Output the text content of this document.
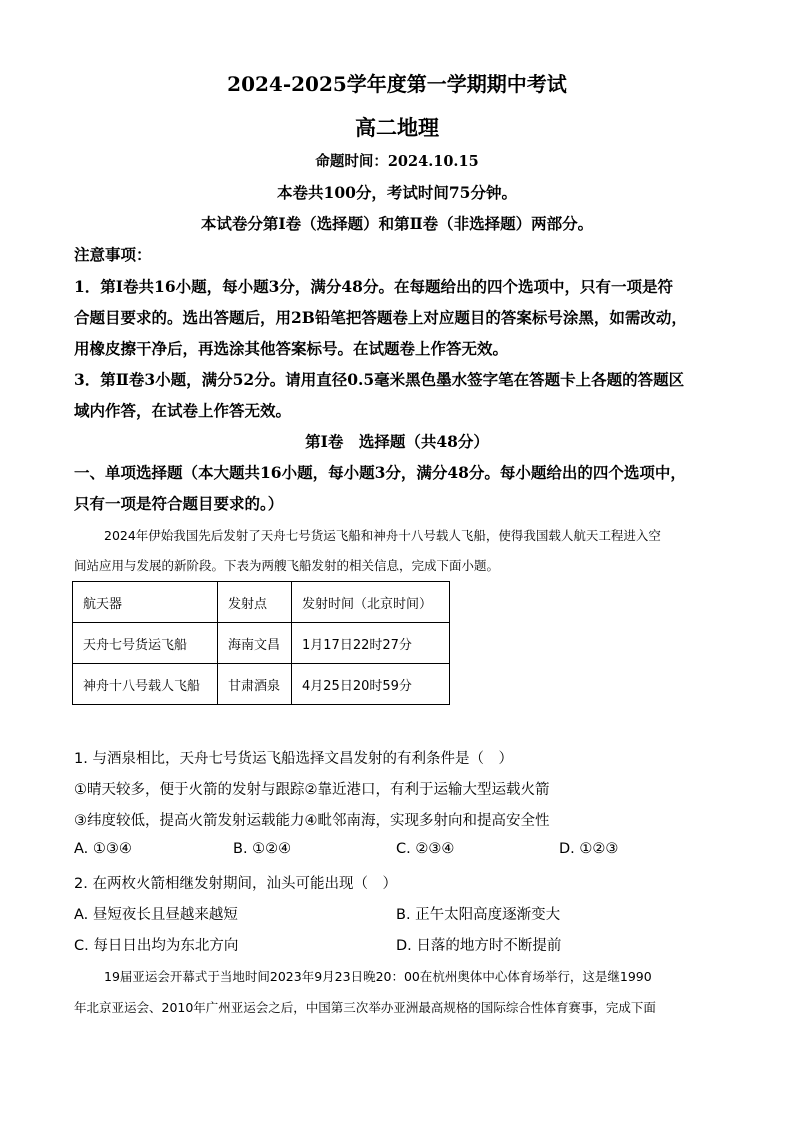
2024-2025学年度第一学期期中考试
高二地理
命题时间：2024.10.15
本卷共100分，考试时间75分钟。
本试卷分第Ⅰ卷（选择题）和第Ⅱ卷（非选择题）两部分。
注意事项：
1．第Ⅰ卷共16小题，每小题3分，满分48分。在每题给出的四个选项中，只有一项是符
合题目要求的。选出答题后，用2B铅笔把答题卷上对应题目的答案标号涂黑，如需改动，
用橡皮擦干净后，再选涂其他答案标号。在试题卷上作答无效。
3．第Ⅱ卷3小题，满分52分。请用直径0.5毫米黑色墨水签字笔在答题卡上各题的答题区
域内作答，在试卷上作答无效。
第Ⅰ卷　选择题（共48分）
一、单项选择题（本大题共16小题，每小题3分，满分48分。每小题给出的四个选项中，
只有一项是符合题目要求的。）
2024年伊始我国先后发射了天舟七号货运飞船和神舟十八号载人飞船，使得我国载人航天工程进入空
间站应用与发展的新阶段。下表为两艘飞船发射的相关信息，完成下面小题。
航天器	发射点	发射时间（北京时间）
天舟七号货运飞船	海南文昌	1月17日22时27分
神舟十八号载人飞船	甘肃酒泉	4月25日20时59分
1. 与酒泉相比，天舟七号货运飞船选择文昌发射的有利条件是（　）
①晴天较多，便于火箭的发射与跟踪②靠近港口，有利于运输大型运载火箭
③纬度较低，提高火箭发射运载能力④毗邻南海，实现多射向和提高安全性
A. ①③④	B. ①②④	C. ②③④	D. ①②③
2. 在两枚火箭相继发射期间，汕头可能出现（　）
A. 昼短夜长且昼越来越短	B. 正午太阳高度逐渐变大
C. 每日日出均为东北方向	D. 日落的地方时不断提前
19届亚运会开幕式于当地时间2023年9月23日晚20：00在杭州奥体中心体育场举行，这是继1990
年北京亚运会、2010年广州亚运会之后，中国第三次举办亚洲最高规格的国际综合性体育赛事，完成下面
